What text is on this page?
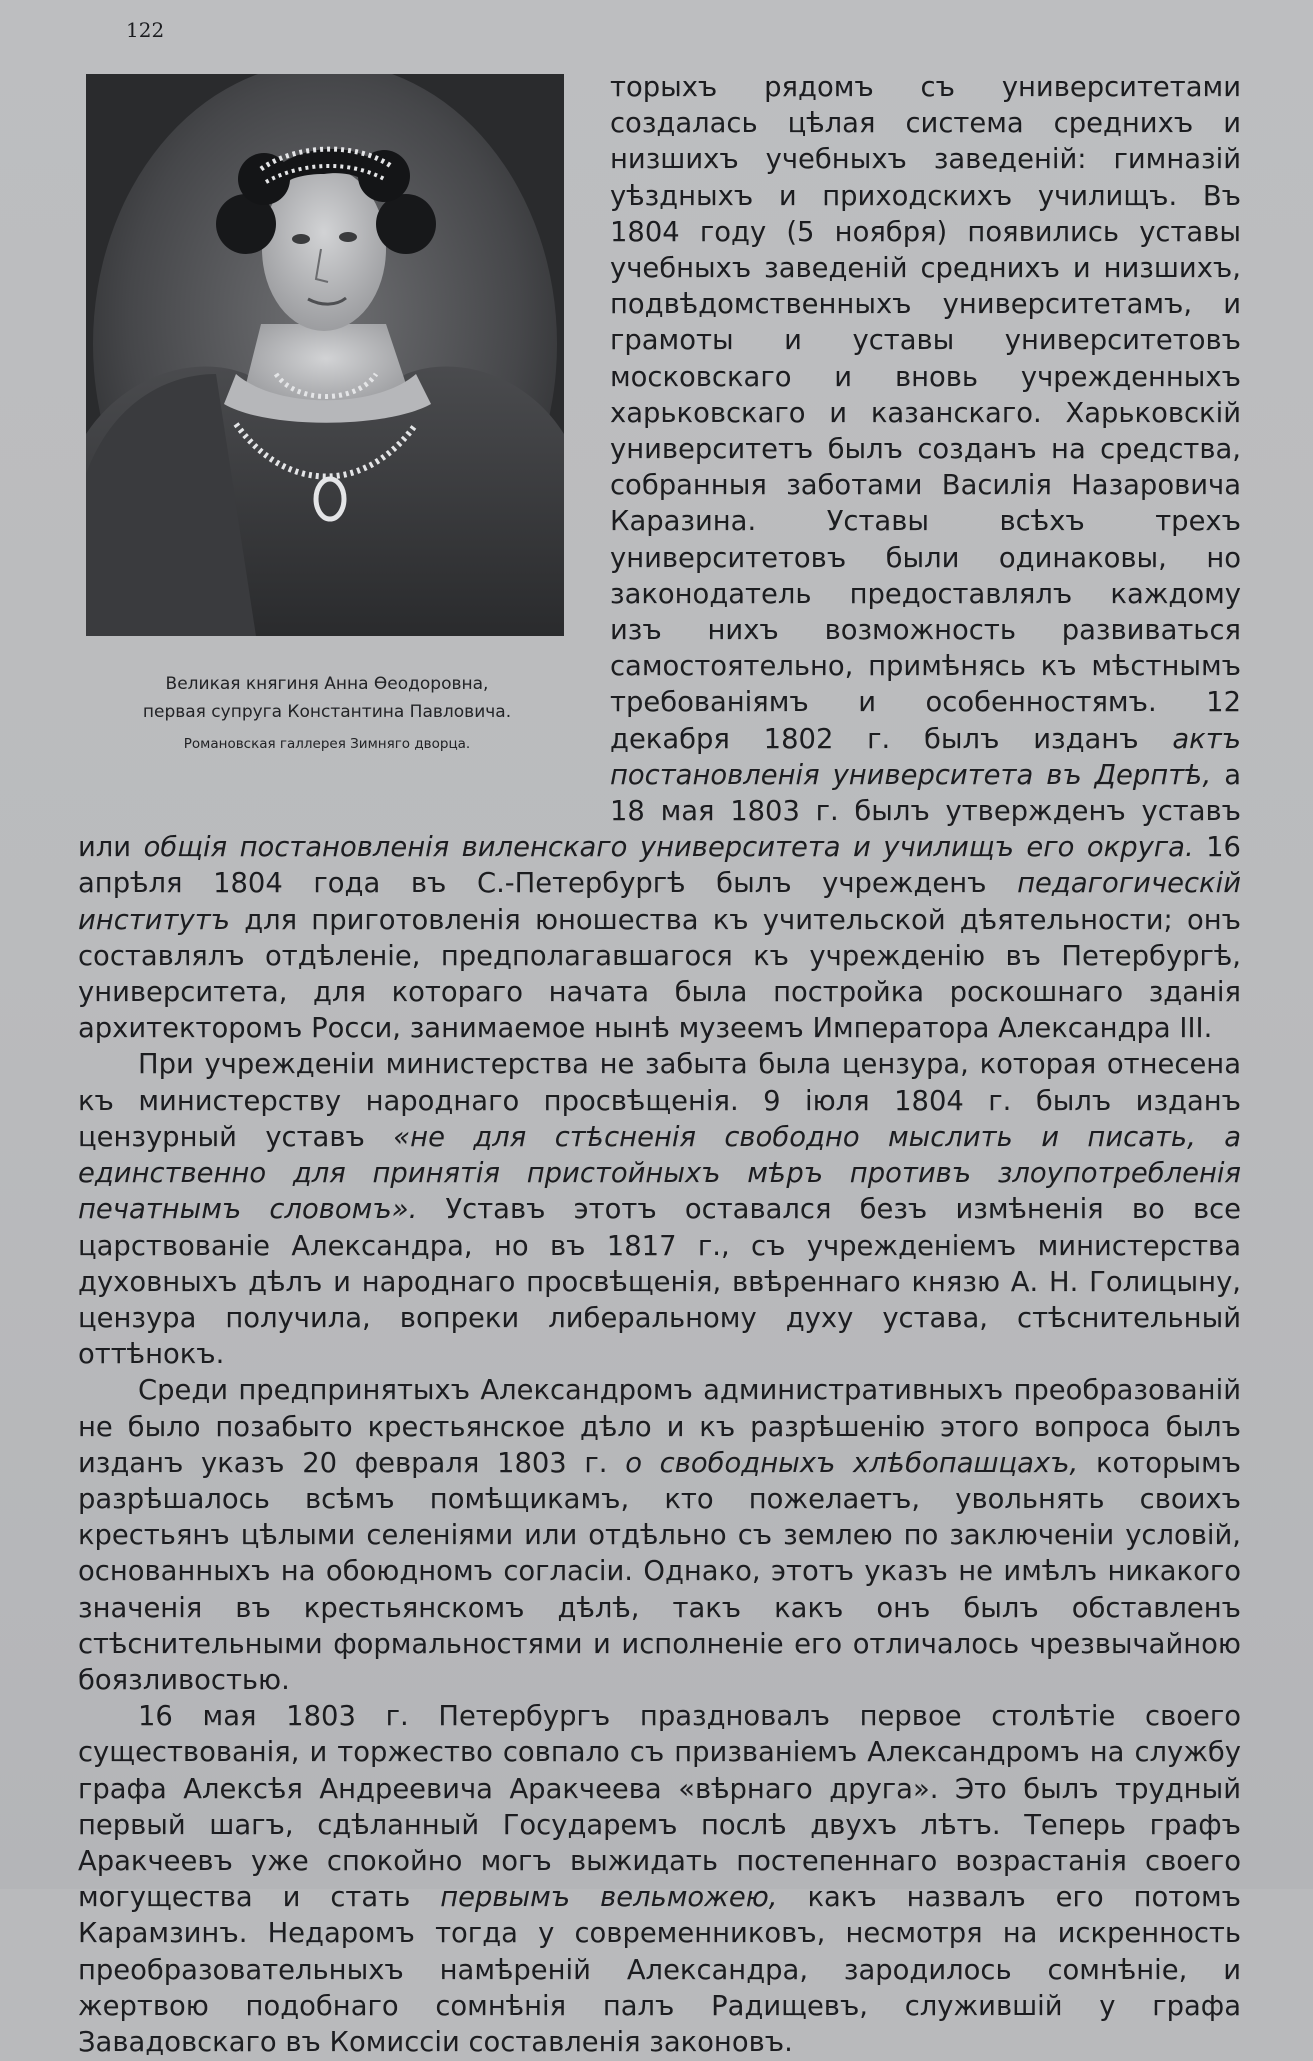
122

Великая княгиня Анна Өеодоровна,
первая супруга Константина Павловича.
Романовская галлерея Зимняго дворца.
торыхъ рядомъ съ университетами создалась цѣлая система среднихъ и низшихъ учебныхъ заведеній: гимназій уѣздныхъ и приходскихъ училищъ. Въ 1804 году (5 ноября) появились уставы учебныхъ заведеній среднихъ и низшихъ, подвѣдомственныхъ университетамъ, и грамоты и уставы университетовъ московскаго и вновь учрежденныхъ харьковскаго и казанскаго. Харьковскій университетъ былъ созданъ на средства, собранныя заботами Василія Назаровича Каразина. Уставы всѣхъ трехъ университетовъ были одинаковы, но законодатель предоставлялъ каждому изъ нихъ возможность развиваться самостоятельно, примѣнясь къ мѣстнымъ требованіямъ и особенностямъ. 12 декабря 1802 г. былъ изданъ актъ постановленія университета въ Дерптѣ, а 18 мая 1803 г. былъ утвержденъ уставъ или общія постановленія виленскаго университета и училищъ его округа. 16 апрѣля 1804 года въ С.-Петербургѣ былъ учрежденъ педагогическій институтъ для приготовленія юношества къ учительской дѣятельности; онъ составлялъ отдѣленіе, предполагавшагося къ учрежденію въ Петербургѣ, университета, для котораго начата была постройка роскошнаго зданія архитекторомъ Росси, занимаемое нынѣ музеемъ Императора Александра III.

При учрежденіи министерства не забыта была цензура, которая отнесена къ министерству народнаго просвѣщенія. 9 іюля 1804 г. былъ изданъ цензурный уставъ «не для стѣсненія свободно мыслить и писать, а единственно для принятія пристойныхъ мѣръ противъ злоупотребленія печатнымъ словомъ». Уставъ этотъ оставался безъ измѣненія во все царствованіе Александра, но въ 1817 г., съ учрежденіемъ министерства духовныхъ дѣлъ и народнаго просвѣщенія, ввѣреннаго князю А. Н. Голицыну, цензура получила, вопреки либеральному духу устава, стѣснительный оттѣнокъ.

Среди предпринятыхъ Александромъ административныхъ преобразованій не было позабыто крестьянское дѣло и къ разрѣшенію этого вопроса былъ изданъ указъ 20 февраля 1803 г. о свободныхъ хлѣбопашцахъ, которымъ разрѣшалось всѣмъ помѣщикамъ, кто пожелаетъ, увольнять своихъ крестьянъ цѣлыми селеніями или отдѣльно съ землею по заключеніи условій, основанныхъ на обоюдномъ согласіи. Однако, этотъ указъ не имѣлъ никакого значенія въ крестьянскомъ дѣлѣ, такъ какъ онъ былъ обставленъ стѣснительными формальностями и исполненіе его отличалось чрезвычайною боязливостью.

16 мая 1803 г. Петербургъ праздновалъ первое столѣтіе своего существованія, и торжество совпало съ призваніемъ Александромъ на службу графа Алексѣя Андреевича Аракчеева «вѣрнаго друга». Это былъ трудный первый шагъ, сдѣланный Государемъ послѣ двухъ лѣтъ. Теперь графъ Аракчеевъ уже спокойно могъ выжидать постепеннаго возрастанія своего могущества и стать первымъ вельможею, какъ назвалъ его потомъ Карамзинъ. Недаромъ тогда у современниковъ, несмотря на искренность преобразовательныхъ намѣреній Александра, зародилось сомнѣніе, и жертвою подобнаго сомнѣнія палъ Радищевъ, служившій у графа Завадовскаго въ Комиссіи составленія законовъ.
